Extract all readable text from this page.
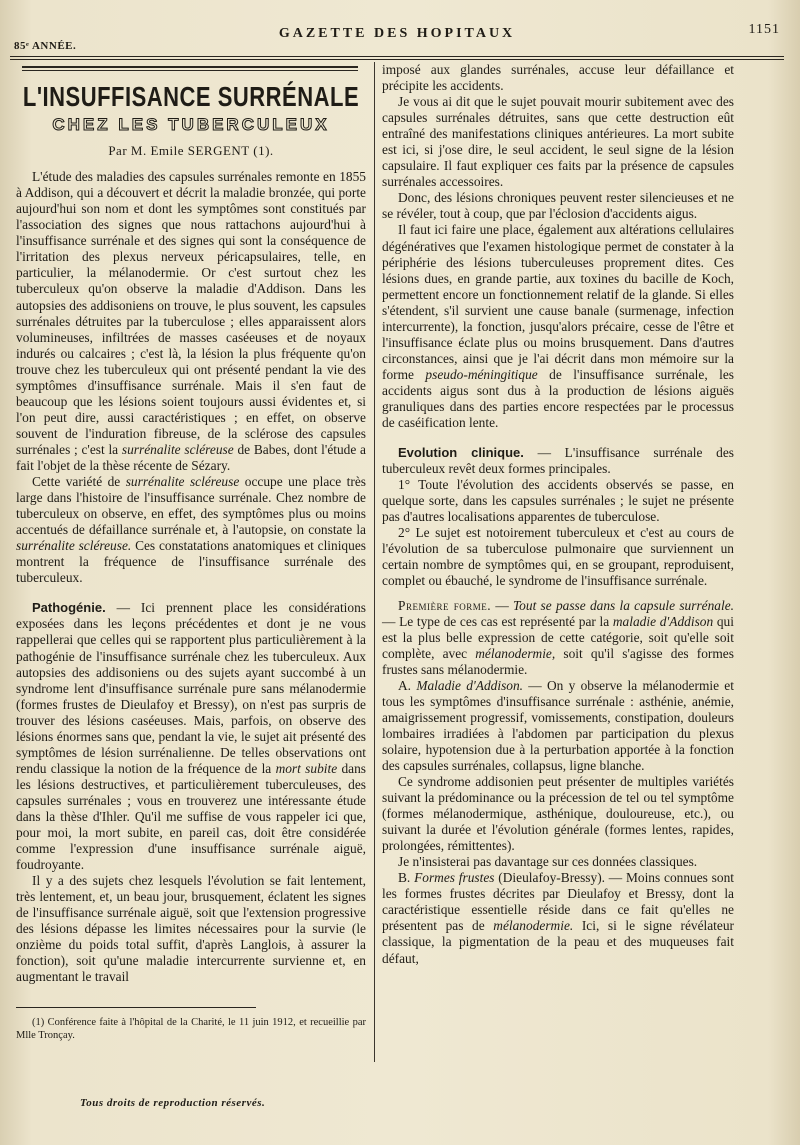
85ᵉ ANNÉE.
GAZETTE DES HOPITAUX	1151
L'INSUFFISANCE SURRÉNALE
CHEZ LES TUBERCULEUX
Par M. Emile SERGENT (1).

L'étude des maladies des capsules surrénales remonte en 1855 à Addison, qui a découvert et décrit la maladie bronzée, qui porte aujourd'hui son nom et dont les symptômes sont constitués par l'association des signes que nous rattachons aujourd'hui à l'insuffisance surrénale et des signes qui sont la conséquence de l'irritation des plexus nerveux péricapsulaires, telle, en particulier, la mélanodermie. Or c'est surtout chez les tuberculeux qu'on observe la maladie d'Addison. Dans les autopsies des addisoniens on trouve, le plus souvent, les capsules surrénales détruites par la tuberculose ; elles apparaissent alors volumineuses, infiltrées de masses caséeuses et de noyaux indurés ou calcaires ; c'est là, la lésion la plus fréquente qu'on trouve chez les tuberculeux qui ont présenté pendant la vie des symptômes d'insuffisance surrénale. Mais il s'en faut de beaucoup que les lésions soient toujours aussi évidentes et, si l'on peut dire, aussi caractéristiques ; en effet, on observe souvent de l'induration fibreuse, de la sclérose des capsules surrénales ; c'est la surrénalite scléreuse de Babes, dont l'étude a fait l'objet de la thèse récente de Sézary.

Cette variété de surrénalite scléreuse occupe une place très large dans l'histoire de l'insuffisance surrénale. Chez nombre de tuberculeux on observe, en effet, des symptômes plus ou moins accentués de défaillance surrénale et, à l'autopsie, on constate la surrénalite scléreuse. Ces constatations anatomiques et cliniques montrent la fréquence de l'insuffisance surrénale des tuberculeux.

Pathogénie. — Ici prennent place les considérations exposées dans les leçons précédentes et dont je ne vous rappellerai que celles qui se rapportent plus particulièrement à la pathogénie de l'insuffisance surrénale chez les tuberculeux. Aux autopsies des addisoniens ou des sujets ayant succombé à un syndrome lent d'insuffisance surrénale pure sans mélanodermie (formes frustes de Dieulafoy et Bressy), on n'est pas surpris de trouver des lésions caséeuses. Mais, parfois, on observe des lésions énormes sans que, pendant la vie, le sujet ait présenté des symptômes de lésion surrénalienne. De telles observations ont rendu classique la notion de la fréquence de la mort subite dans les lésions destructives, et particulièrement tuberculeuses, des capsules surrénales ; vous en trouverez une intéressante étude dans la thèse d'Ihler. Qu'il me suffise de vous rappeler ici que, pour moi, la mort subite, en pareil cas, doit être considérée comme l'expression d'une insuffisance surrénale aiguë, foudroyante.

Il y a des sujets chez lesquels l'évolution se fait lentement, très lentement, et, un beau jour, brusquement, éclatent les signes de l'insuffisance surrénale aiguë, soit que l'extension progressive des lésions dépasse les limites nécessaires pour la survie (le onzième du poids total suffit, d'après Langlois, à assurer la fonction), soit qu'une maladie intercurrente survienne et, en augmentant le travail

(1) Conférence faite à l'hôpital de la Charité, le 11 juin 1912, et recueillie par Mlle Tronçay.

imposé aux glandes surrénales, accuse leur défaillance et précipite les accidents.

Je vous ai dit que le sujet pouvait mourir subitement avec des capsules surrénales détruites, sans que cette destruction eût entraîné des manifestations cliniques antérieures. La mort subite est ici, si j'ose dire, le seul accident, le seul signe de la lésion capsulaire. Il faut expliquer ces faits par la présence de capsules surrénales accessoires.

Donc, des lésions chroniques peuvent rester silencieuses et ne se révéler, tout à coup, que par l'éclosion d'accidents aigus.

Il faut ici faire une place, également aux altérations cellulaires dégénératives que l'examen histologique permet de constater à la périphérie des lésions tuberculeuses proprement dites. Ces lésions dues, en grande partie, aux toxines du bacille de Koch, permettent encore un fonctionnement relatif de la glande. Si elles s'étendent, s'il survient une cause banale (surmenage, infection intercurrente), la fonction, jusqu'alors précaire, cesse de l'être et l'insuffisance éclate plus ou moins brusquement. Dans d'autres circonstances, ainsi que je l'ai décrit dans mon mémoire sur la forme pseudo-méningitique de l'insuffisance surrénale, les accidents aigus sont dus à la production de lésions aiguës granuliques dans des parties encore respectées par le processus de caséification lente.

Evolution clinique. — L'insuffisance surrénale des tuberculeux revêt deux formes principales.

1° Toute l'évolution des accidents observés se passe, en quelque sorte, dans les capsules surrénales ; le sujet ne présente pas d'autres localisations apparentes de tuberculose.

2° Le sujet est notoirement tuberculeux et c'est au cours de l'évolution de sa tuberculose pulmonaire que surviennent un certain nombre de symptômes qui, en se groupant, reproduisent, complet ou ébauché, le syndrome de l'insuffisance surrénale.

Première forme. — Tout se passe dans la capsule surrénale. — Le type de ces cas est représenté par la maladie d'Addison qui est la plus belle expression de cette catégorie, soit qu'elle soit complète, avec mélanodermie, soit qu'il s'agisse des formes frustes sans mélanodermie.

A. Maladie d'Addison. — On y observe la mélanodermie et tous les symptômes d'insuffisance surrénale : asthénie, anémie, amaigrissement progressif, vomissements, constipation, douleurs lombaires irradiées à l'abdomen par participation du plexus solaire, hypotension due à la perturbation apportée à la fonction des capsules surrénales, collapsus, ligne blanche.

Ce syndrome addisonien peut présenter de multiples variétés suivant la prédominance ou la précession de tel ou tel symptôme (formes mélanodermique, asthénique, douloureuse, etc.), ou suivant la durée et l'évolution générale (formes lentes, rapides, prolongées, rémittentes).

Je n'insisterai pas davantage sur ces données classiques.

B. Formes frustes (Dieulafoy-Bressy). — Moins connues sont les formes frustes décrites par Dieulafoy et Bressy, dont la caractéristique essentielle réside dans ce fait qu'elles ne présentent pas de mélanodermie. Ici, si le signe révélateur classique, la pigmentation de la peau et des muqueuses fait défaut,

Tous droits de reproduction réservés.
